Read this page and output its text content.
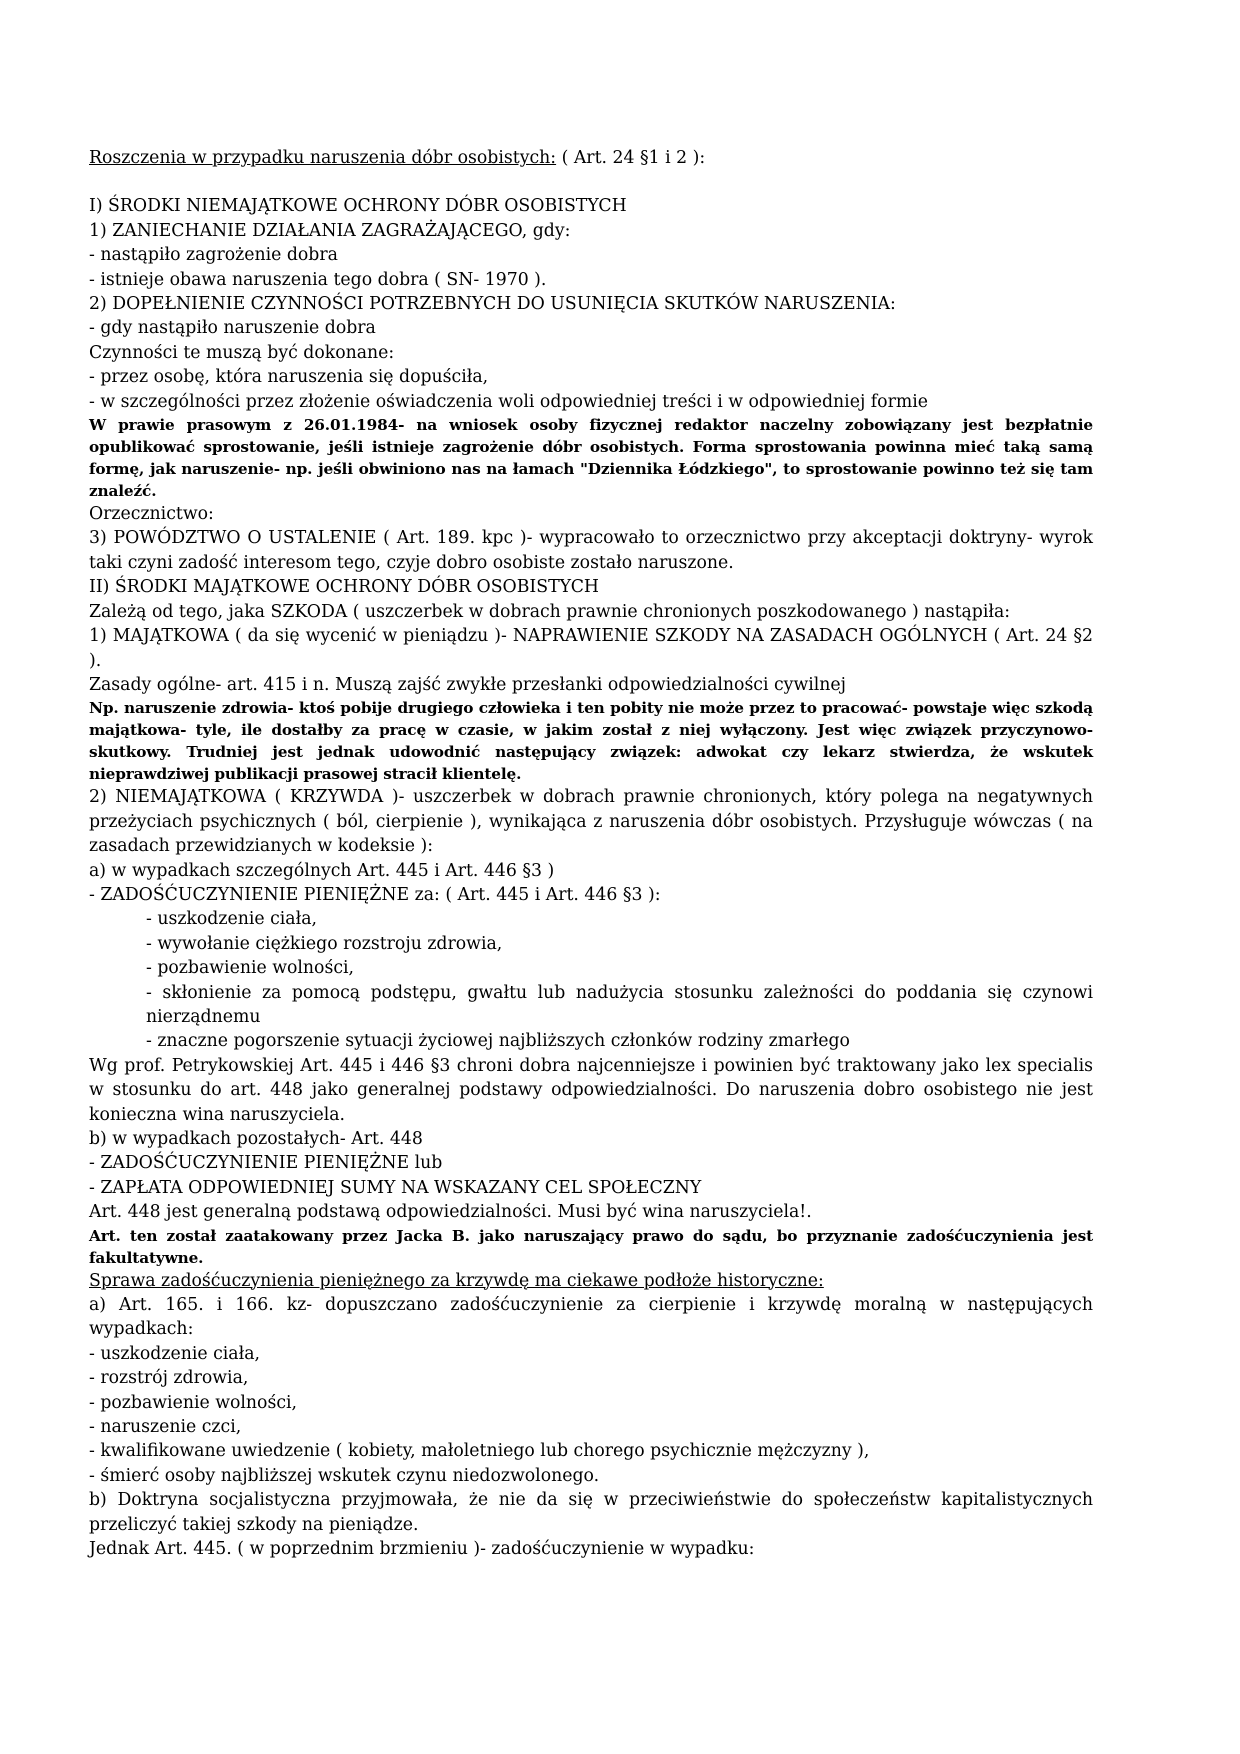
Roszczenia w przypadku naruszenia dóbr osobistych: ( Art. 24 §1 i 2 ):
I) ŚRODKI NIEMAJĄTKOWE OCHRONY DÓBR OSOBISTYCH
1) ZANIECHANIE DZIAŁANIA ZAGRAŻAJĄCEGO, gdy:
- nastąpiło zagrożenie dobra
- istnieje obawa naruszenia tego dobra ( SN- 1970 ).
2) DOPEŁNIENIE CZYNNOŚCI POTRZEBNYCH DO USUNIĘCIA SKUTKÓW NARUSZENIA:
- gdy nastąpiło naruszenie dobra
Czynności te muszą być dokonane:
- przez osobę, która naruszenia się dopuściła,
- w szczególności przez złożenie oświadczenia woli odpowiedniej treści i w odpowiedniej formie
W prawie prasowym z 26.01.1984- na wniosek osoby fizycznej redaktor naczelny zobowiązany jest bezpłatnie opublikować sprostowanie, jeśli istnieje zagrożenie dóbr osobistych. Forma sprostowania powinna mieć taką samą formę, jak naruszenie- np. jeśli obwiniono nas na łamach "Dziennika Łódzkiego", to sprostowanie powinno też się tam znaleźć.
Orzecznictwo:
3) POWÓDZTWO O USTALENIE ( Art. 189. kpc )- wypracowało to orzecznictwo przy akceptacji doktryny- wyrok taki czyni zadość interesom tego, czyje dobro osobiste zostało naruszone.
II) ŚRODKI MAJĄTKOWE OCHRONY DÓBR OSOBISTYCH
Zależą od tego, jaka SZKODA ( uszczerbek w dobrach prawnie chronionych poszkodowanego ) nastąpiła:
1) MAJĄTKOWA ( da się wycenić w pieniądzu )- NAPRAWIENIE SZKODY NA ZASADACH OGÓLNYCH ( Art. 24 §2 ).
Zasady ogólne- art. 415 i n. Muszą zajść zwykłe przesłanki odpowiedzialności cywilnej
Np. naruszenie zdrowia- ktoś pobije drugiego człowieka i ten pobity nie może przez to pracować- powstaje więc szkodą majątkowa- tyle, ile dostałby za pracę w czasie, w jakim został z niej wyłączony. Jest więc związek przyczynowo- skutkowy. Trudniej jest jednak udowodnić następujący związek: adwokat czy lekarz stwierdza, że wskutek nieprawdziwej publikacji prasowej stracił klientelę.
2) NIEMAJĄTKOWA ( KRZYWDA )- uszczerbek w dobrach prawnie chronionych, który polega na negatywnych przeżyciach psychicznych ( ból, cierpienie ), wynikająca z naruszenia dóbr osobistych. Przysługuje wówczas ( na zasadach przewidzianych w kodeksie ):
a) w wypadkach szczególnych Art. 445 i Art. 446 §3 )
- ZADOŚĆUCZYNIENIE PIENIĘŻNE za: ( Art. 445 i Art. 446 §3 ):
- uszkodzenie ciała,
- wywołanie ciężkiego rozstroju zdrowia,
- pozbawienie wolności,
- skłonienie za pomocą podstępu, gwałtu lub nadużycia stosunku zależności do poddania się czynowi nierządnemu
- znaczne pogorszenie sytuacji życiowej najbliższych członków rodziny zmarłego
Wg prof. Petrykowskiej Art. 445 i 446 §3 chroni dobra najcenniejsze i powinien być traktowany jako lex specialis w stosunku do art. 448 jako generalnej podstawy odpowiedzialności. Do naruszenia dobro osobistego nie jest konieczna wina naruszyciela.
b) w wypadkach pozostałych- Art. 448
- ZADOŚĆUCZYNIENIE PIENIĘŻNE lub
- ZAPŁATA ODPOWIEDNIEJ SUMY NA WSKAZANY CEL SPOŁECZNY
Art. 448 jest generalną podstawą odpowiedzialności. Musi być wina naruszyciela!.
Art. ten został zaatakowany przez Jacka B. jako naruszający prawo do sądu, bo przyznanie zadośćuczynienia jest fakultatywne.
Sprawa zadośćuczynienia pieniężnego za krzywdę ma ciekawe podłoże historyczne:
a) Art. 165. i 166. kz- dopuszczano zadośćuczynienie za cierpienie i krzywdę moralną w następujących wypadkach:
- uszkodzenie ciała,
- rozstrój zdrowia,
- pozbawienie wolności,
- naruszenie czci,
- kwalifikowane uwiedzenie ( kobiety, małoletniego lub chorego psychicznie mężczyzny ),
- śmierć osoby najbliższej wskutek czynu niedozwolonego.
b) Doktryna socjalistyczna przyjmowała, że nie da się w przeciwieństwie do społeczeństw kapitalistycznych przeliczyć takiej szkody na pieniądze.
Jednak Art. 445. ( w poprzednim brzmieniu )- zadośćuczynienie w wypadku:
